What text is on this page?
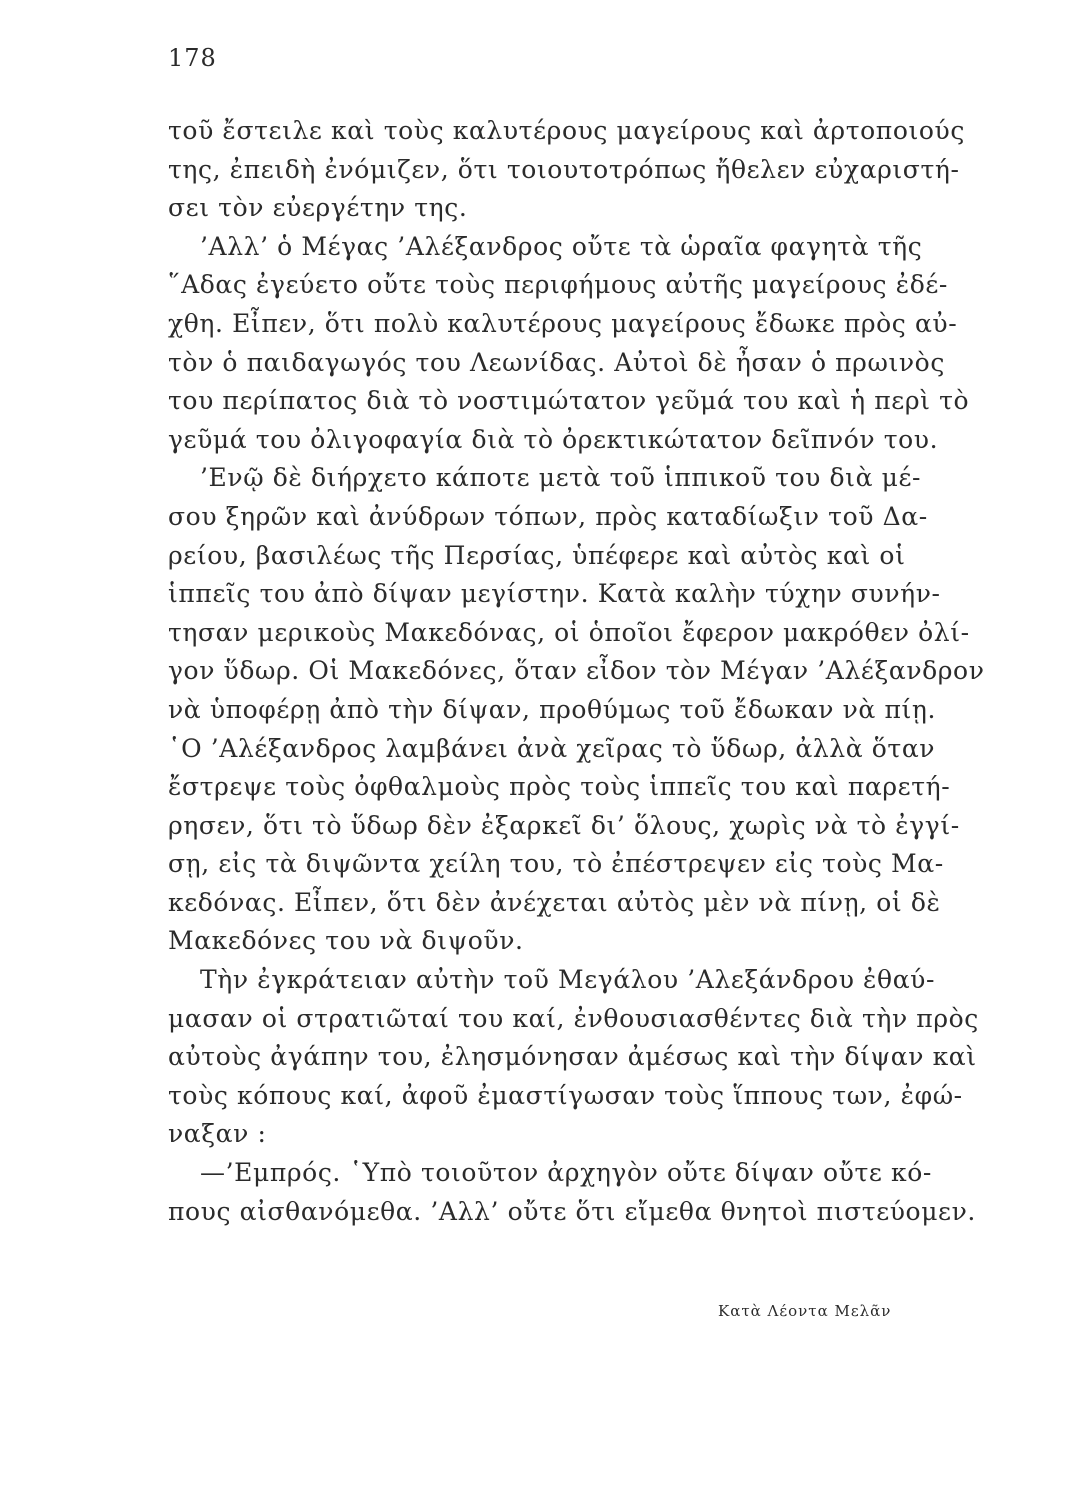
178
τοῦ ἔστειλε καὶ τοὺς καλυτέρους μαγείρους καὶ ἀρτοποιούς
της, ἐπειδὴ ἐνόμιζεν, ὅτι τοιουτοτρόπως ἤθελεν εὐχαριστή-
σει τὸν εὐεργέτην της.
’Αλλ’ ὁ Μέγας ’Αλέξανδρος οὔτε τὰ ὡραῖα φαγητὰ τῆς
῞Αδας ἐγεύετο οὔτε τοὺς περιφήμους αὐτῆς μαγείρους ἐδέ-
χθη. Εἶπεν, ὅτι πολὺ καλυτέρους μαγείρους ἔδωκε πρὸς αὐ-
τὸν ὁ παιδαγωγός του Λεωνίδας. Αὐτοὶ δὲ ἦσαν ὁ πρωινὸς
του περίπατος διὰ τὸ νοστιμώτατον γεῦμά του καὶ ἡ περὶ τὸ
γεῦμά του ὀλιγοφαγία διὰ τὸ ὀρεκτικώτατον δεῖπνόν του.
’Ενῷ δὲ διήρχετο κάποτε μετὰ τοῦ ἱππικοῦ του διὰ μέ-
σου ξηρῶν καὶ ἀνύδρων τόπων, πρὸς καταδίωξιν τοῦ Δα-
ρείου, βασιλέως τῆς Περσίας, ὑπέφερε καὶ αὐτὸς καὶ οἱ
ἱππεῖς του ἀπὸ δίψαν μεγίστην. Κατὰ καλὴν τύχην συνήν-
τησαν μερικοὺς Μακεδόνας, οἱ ὁποῖοι ἔφερον μακρόθεν ὀλί-
γον ὕδωρ. Οἱ Μακεδόνες, ὅταν εἶδον τὸν Μέγαν ’Αλέξανδρον
νὰ ὑποφέρῃ ἀπὸ τὴν δίψαν, προθύμως τοῦ ἔδωκαν νὰ πίῃ.
῾Ο ’Αλέξανδρος λαμβάνει ἀνὰ χεῖρας τὸ ὕδωρ, ἀλλὰ ὅταν
ἔστρεψε τοὺς ὀφθαλμοὺς πρὸς τοὺς ἱππεῖς του καὶ παρετή-
ρησεν, ὅτι τὸ ὕδωρ δὲν ἐξαρκεῖ δι’ ὅλους, χωρὶς νὰ τὸ ἐγγί-
σῃ, εἰς τὰ διψῶντα χείλη του, τὸ ἐπέστρεψεν εἰς τοὺς Μα-
κεδόνας. Εἶπεν, ὅτι δὲν ἀνέχεται αὐτὸς μὲν νὰ πίνῃ, οἱ δὲ
Μακεδόνες του νὰ διψοῦν.
Τὴν ἐγκράτειαν αὐτὴν τοῦ Μεγάλου ’Αλεξάνδρου ἐθαύ-
μασαν οἱ στρατιῶταί του καί, ἐνθουσιασθέντες διὰ τὴν πρὸς
αὐτοὺς ἀγάπην του, ἐλησμόνησαν ἀμέσως καὶ τὴν δίψαν καὶ
τοὺς κόπους καί, ἀφοῦ ἐμαστίγωσαν τοὺς ἵππους των, ἐφώ-
ναξαν :
—’Εμπρός. ῾Υπὸ τοιοῦτον ἀρχηγὸν οὔτε δίψαν οὔτε κό-
πους αἰσθανόμεθα. ’Αλλ’ οὔτε ὅτι εἴμεθα θνητοὶ πιστεύομεν.
Κατὰ Λέοντα Μελᾶν
